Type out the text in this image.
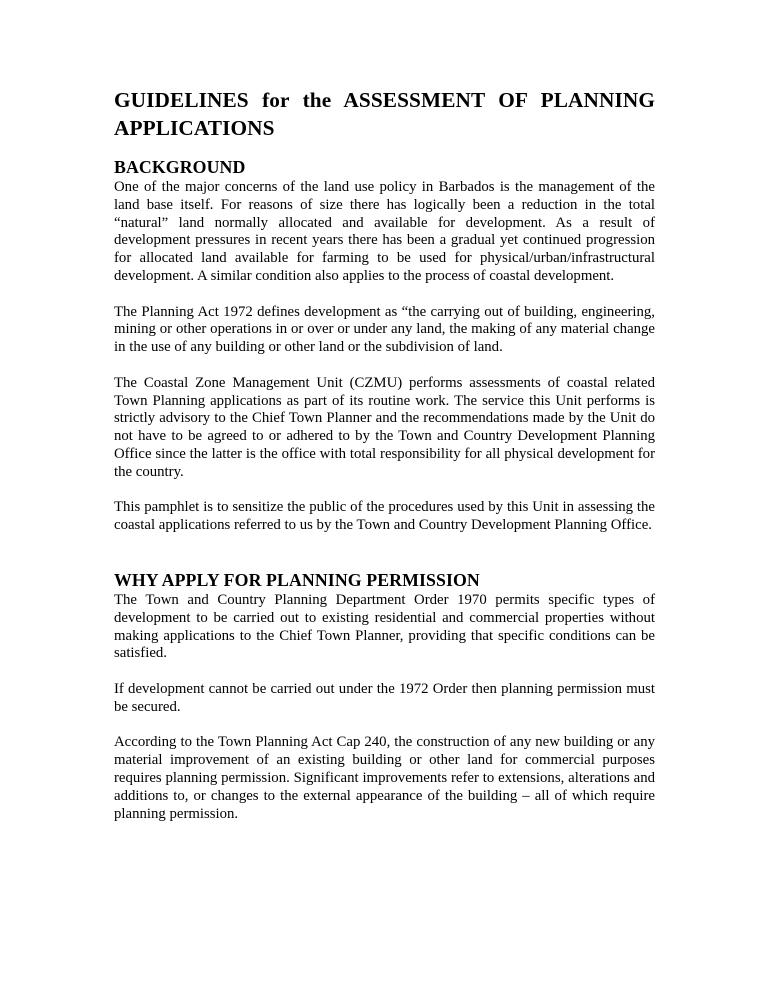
GUIDELINES for the ASSESSMENT OF PLANNING APPLICATIONS
BACKGROUND

One of the major concerns of the land use policy in Barbados is the management of the land base itself. For reasons of size there has logically been a reduction in the total “natural” land normally allocated and available for development. As a result of development pressures in recent years there has been a gradual yet continued progression for allocated land available for farming to be used for physical/urban/infrastructural development. A similar condition also applies to the process of coastal development.

The Planning Act 1972 defines development as “the carrying out of building, engineering, mining or other operations in or over or under any land, the making of any material change in the use of any building or other land or the subdivision of land.

The Coastal Zone Management Unit (CZMU) performs assessments of coastal related Town Planning applications as part of its routine work. The service this Unit performs is strictly advisory to the Chief Town Planner and the recommendations made by the Unit do not have to be agreed to or adhered to by the Town and Country Development Planning Office since the latter is the office with total responsibility for all physical development for the country.

This pamphlet is to sensitize the public of the procedures used by this Unit in assessing the coastal applications referred to us by the Town and Country Development Planning Office.

WHY APPLY FOR PLANNING PERMISSION

The Town and Country Planning Department Order 1970 permits specific types of development to be carried out to existing residential and commercial properties without making applications to the Chief Town Planner, providing that specific conditions can be satisfied.

If development cannot be carried out under the 1972 Order then planning permission must be secured.

According to the Town Planning Act Cap 240, the construction of any new building or any material improvement of an existing building or other land for commercial purposes requires planning permission. Significant improvements refer to extensions, alterations and additions to, or changes to the external appearance of the building – all of which require planning permission.
